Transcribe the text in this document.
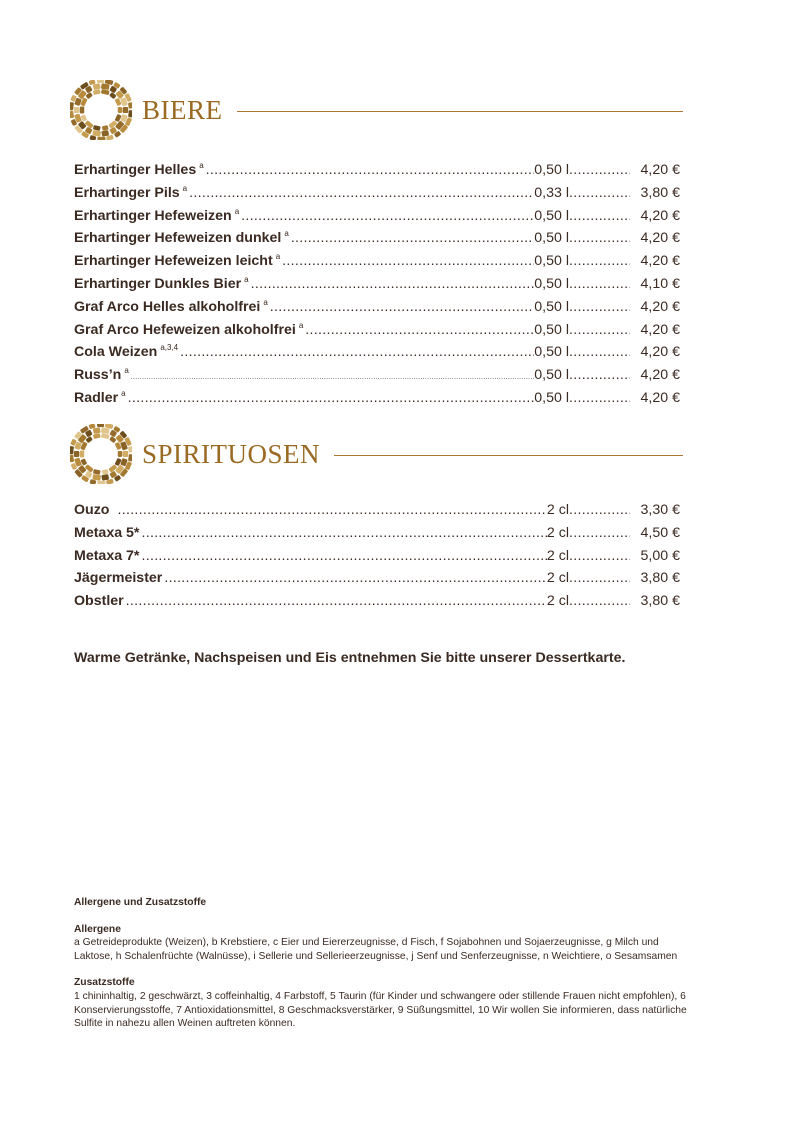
BIERE
Erhartinger Helles $^a$ .....	0,50 l .....	4,20 €
Erhartinger Pils $^a$ .....	0,33 l .....	3,80 €
Erhartinger Hefeweizen $^a$ .....	0,50 l .....	4,20 €
Erhartinger Hefeweizen dunkel $^a$ .....	0,50 l .....	4,20 €
Erhartinger Hefeweizen leicht $^a$ .....	0,50 l .....	4,20 €
Erhartinger Dunkles Bier $^a$ .....	0,50 l .....	4,10 €
Graf Arco Helles alkoholfrei $^a$ .....	0,50 l .....	4,20 €
Graf Arco Hefeweizen alkoholfrei $^a$ .....	0,50 l .....	4,20 €
Cola Weizen $^{a,3,4}$ .....	0,50 l .....	4,20 €
Russ’n $^a$ .....	0,50 l .....	4,20 €
Radler $^a$ .....	0,50 l .....	4,20 €
SPIRITUOSEN
Ouzo .....	2 cl .....	3,30 €
Metaxa 5* .....	2 cl .....	4,50 €
Metaxa 7* .....	2 cl .....	5,00 €
Jägermeister .....	2 cl .....	3,80 €
Obstler .....	2 cl .....	3,80 €
Warme Getränke, Nachspeisen und Eis entnehmen Sie bitte unserer Dessertkarte.
Allergene und Zusatzstoffe
Allergene
a Getreideprodukte (Weizen), b Krebstiere, c Eier und Eiererzeugnisse, d Fisch, f Sojabohnen und Sojaerzeugnisse, g Milch und Laktose, h Schalenfrüchte (Walnüsse), i Sellerie und Sellerieerzeugnisse, j Senf und Senferzeugnisse, n Weichtiere, o Sesamsamen
Zusatzstoffe
1 chininhaltig, 2 geschwärzt, 3 coffeinhaltig, 4 Farbstoff, 5 Taurin (für Kinder und schwangere oder stillende Frauen nicht empfohlen), 6 Konservierungsstoffe, 7 Antioxidationsmittel, 8 Geschmacksverstärker, 9 Süßungsmittel, 10 Wir wollen Sie informieren, dass natürliche Sulfite in nahezu allen Weinen auftreten können.
